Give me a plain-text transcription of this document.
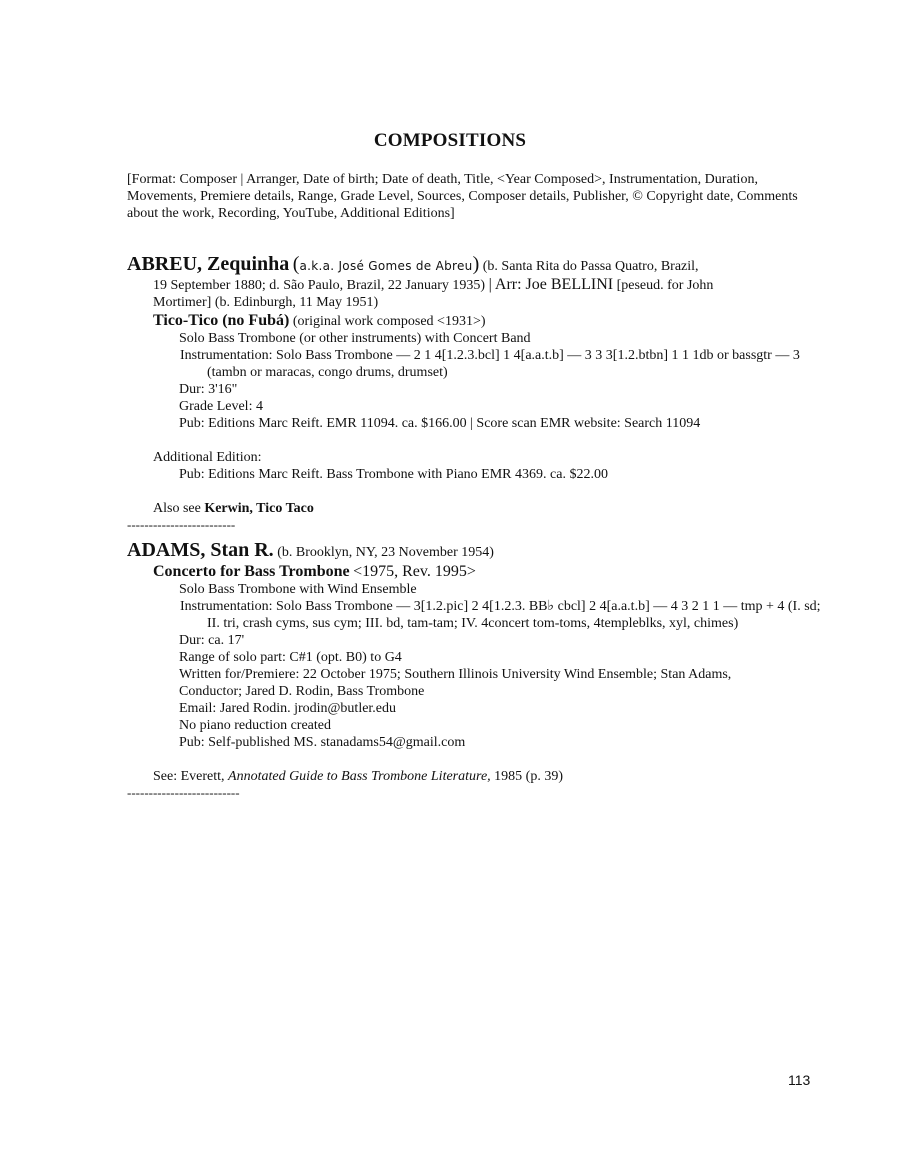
COMPOSITIONS
[Format: Composer | Arranger, Date of birth; Date of death, Title, <Year Composed>, Instrumentation, Duration, Movements, Premiere details, Range, Grade Level, Sources, Composer details, Publisher, © Copyright date, Comments about the work, Recording, YouTube, Additional Editions]
ABREU, Zequinha (a.k.a. José Gomes de Abreu) (b. Santa Rita do Passa Quatro, Brazil,
19 September 1880; d. São Paulo, Brazil, 22 January 1935) | Arr: Joe BELLINI [peseud. for John
Mortimer] (b. Edinburgh, 11 May 1951)
Tico-Tico (no Fubá) (original work composed <1931>)
Solo Bass Trombone (or other instruments) with Concert Band
Instrumentation: Solo Bass Trombone — 2 1 4[1.2.3.bcl] 1 4[a.a.t.b] — 3 3 3[1.2.btbn] 1 1 1db or bassgtr — 3 (tambn or maracas, congo drums, drumset)
Dur: 3'16"
Grade Level: 4
Pub: Editions Marc Reift. EMR 11094. ca. $166.00 | Score scan EMR website: Search 11094
Additional Edition:
Pub: Editions Marc Reift. Bass Trombone with Piano EMR 4369. ca. $22.00
Also see Kerwin, Tico Taco
-------------------------
ADAMS, Stan R. (b. Brooklyn, NY, 23 November 1954)
Concerto for Bass Trombone <1975, Rev. 1995>
Solo Bass Trombone with Wind Ensemble
Instrumentation: Solo Bass Trombone — 3[1.2.pic] 2 4[1.2.3. BB♭ cbcl] 2 4[a.a.t.b] — 4 3 2 1 1 — tmp + 4 (I. sd; II. tri, crash cyms, sus cym; III. bd, tam-tam; IV. 4concert tom-toms, 4templeblks, xyl, chimes)
Dur: ca. 17'
Range of solo part: C#1 (opt. B0) to G4
Written for/Premiere: 22 October 1975; Southern Illinois University Wind Ensemble; Stan Adams,
Conductor; Jared D. Rodin, Bass Trombone
Email: Jared Rodin. jrodin@butler.edu
No piano reduction created
Pub: Self-published MS. stanadams54@gmail.com
See: Everett, Annotated Guide to Bass Trombone Literature, 1985 (p. 39)
--------------------------
113
